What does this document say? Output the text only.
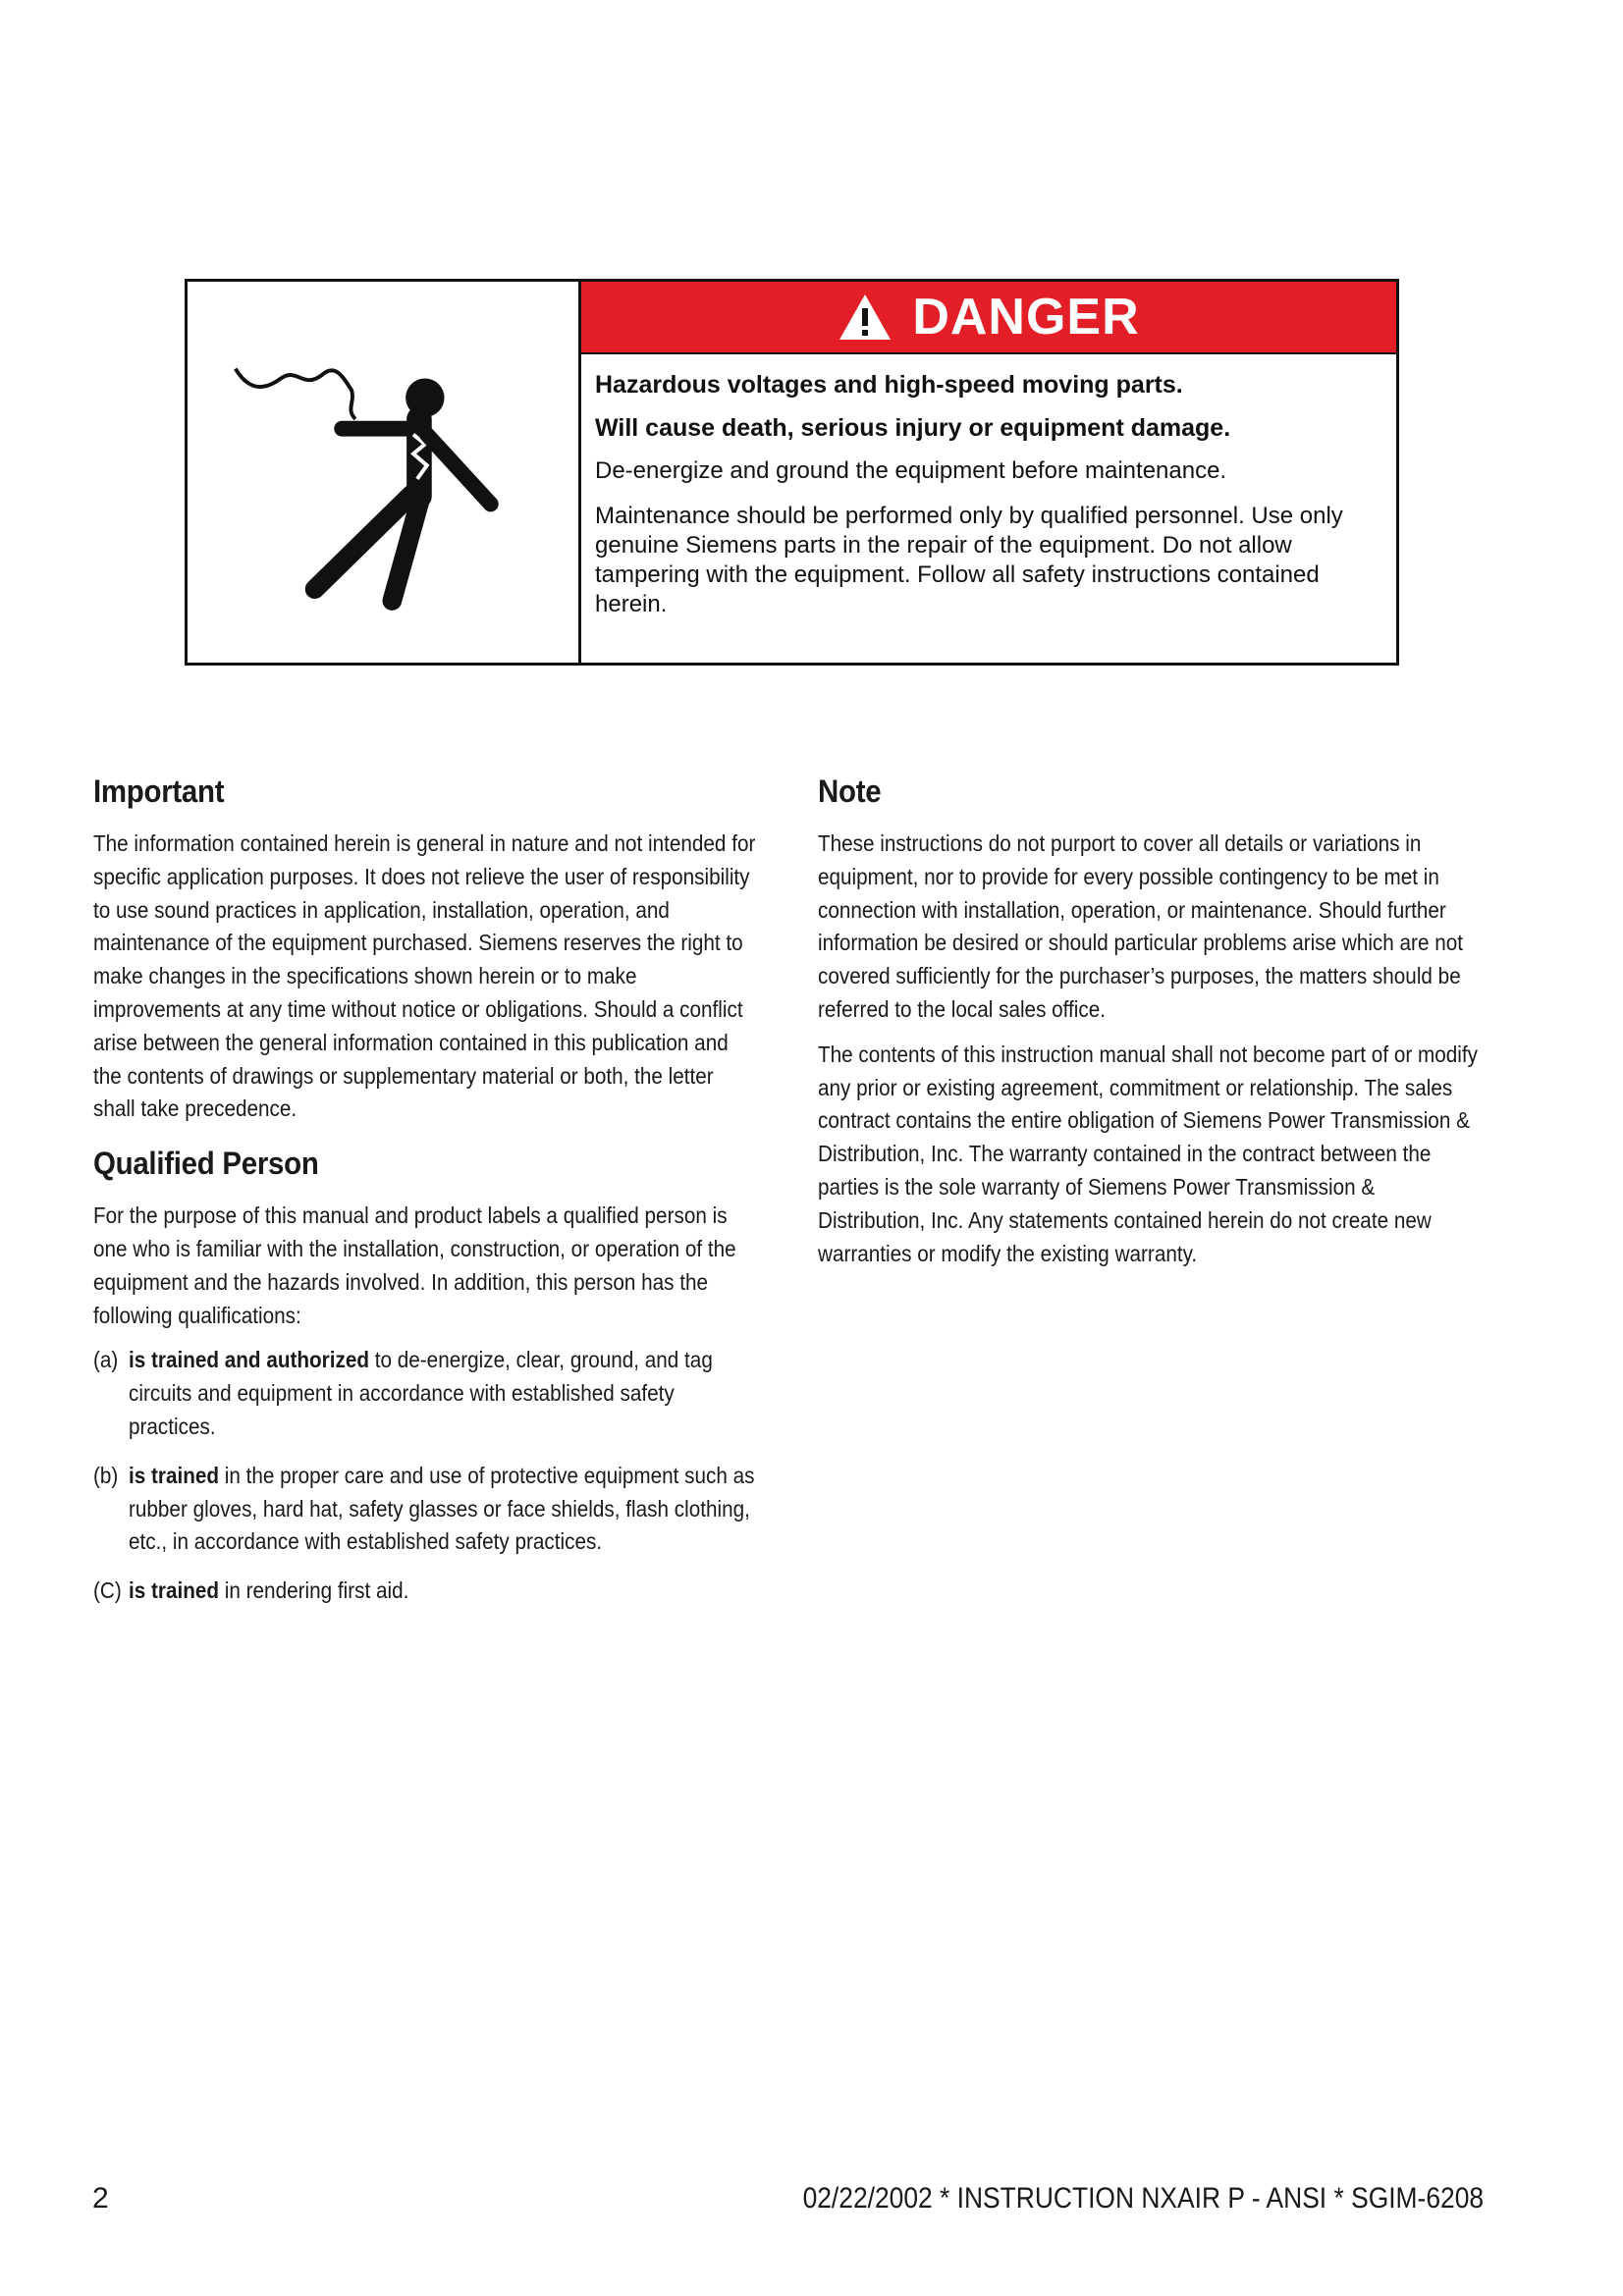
DANGER

Hazardous voltages and high-speed moving parts.

Will cause death, serious injury or equipment damage.

De-energize and ground the equipment before maintenance.

Maintenance should be performed only by qualified personnel. Use only genuine Siemens parts in the repair of the equipment. Do not allow tampering with the equipment. Follow all safety instructions contained herein.

Important

The information contained herein is general in nature and not intended for specific application purposes. It does not relieve the user of responsibility to use sound practices in application, installation, operation, and maintenance of the equipment purchased. Siemens reserves the right to make changes in the specifications shown herein or to make improvements at any time without notice or obligations. Should a conflict arise between the general information contained in this publication and the contents of drawings or supplementary material or both, the letter shall take precedence.

Qualified Person

For the purpose of this manual and product labels a qualified person is one who is familiar with the installation, construction, or operation of the equipment and the hazards involved. In addition, this person has the following qualifications:

(a) is trained and authorized to de-energize, clear, ground, and tag circuits and equipment in accordance with established safety practices.
(b) is trained in the proper care and use of protective equipment such as rubber gloves, hard hat, safety glasses or face shields, flash clothing, etc., in accordance with established safety practices.
(C) is trained in rendering first aid.
Note

These instructions do not purport to cover all details or variations in equipment, nor to provide for every possible contingency to be met in connection with installation, operation, or maintenance. Should further information be desired or should particular problems arise which are not covered sufficiently for the purchaser’s purposes, the matters should be referred to the local sales office.

The contents of this instruction manual shall not become part of or modify any prior or existing agreement, commitment or relationship. The sales contract contains the entire obligation of Siemens Power Transmission & Distribution, Inc. The warranty contained in the contract between the parties is the sole warranty of Siemens Power Transmission & Distribution, Inc. Any statements contained herein do not create new warranties or modify the existing warranty.

2	02/22/2002 * INSTRUCTION NXAIR P - ANSI * SGIM-6208
